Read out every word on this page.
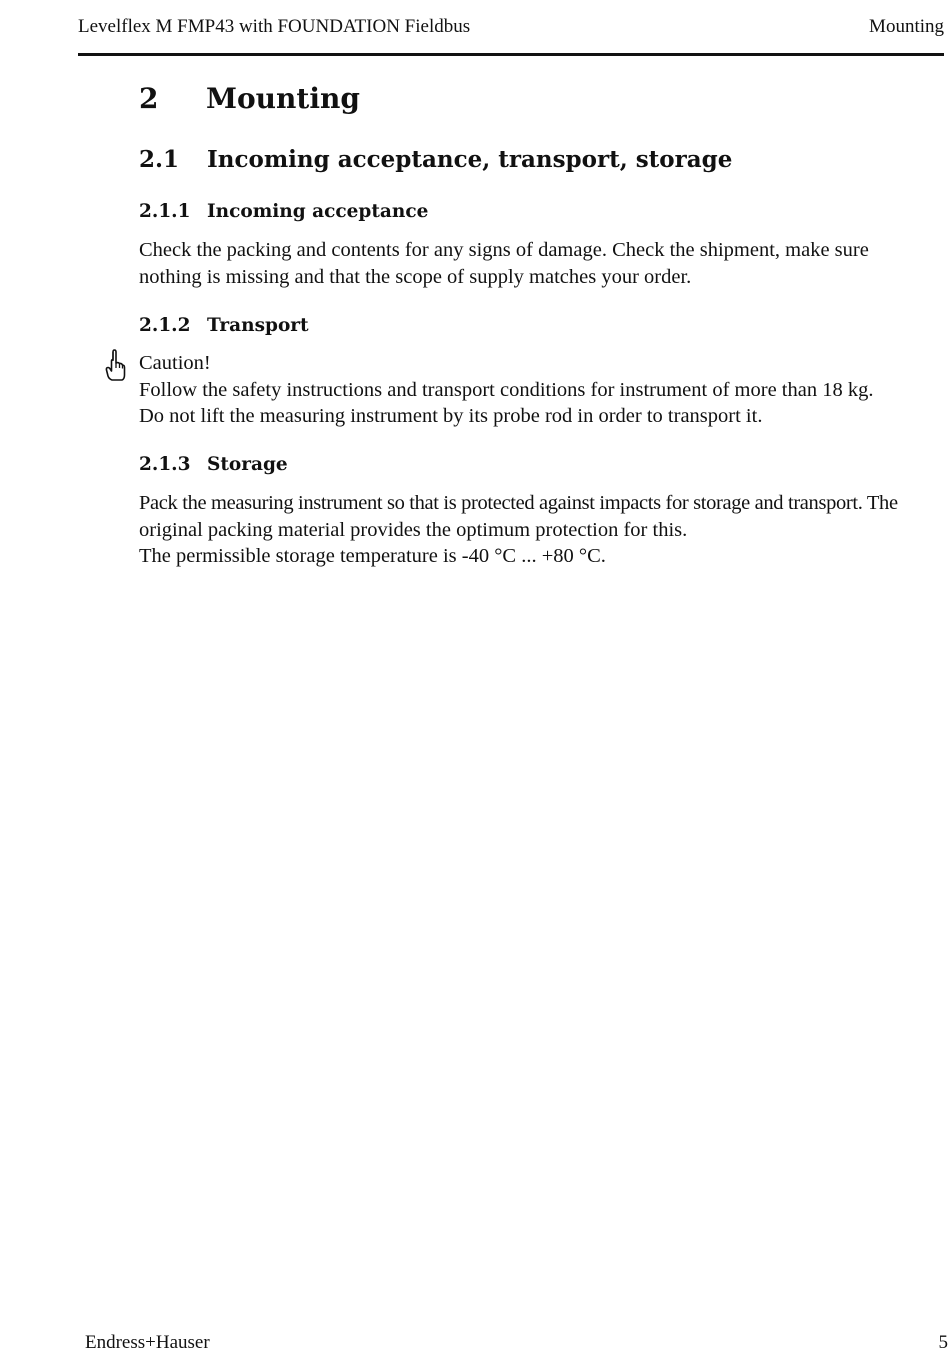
Levelflex M FMP43 with FOUNDATION Fieldbus	Mounting
2 Mounting
2.1 Incoming acceptance, transport, storage
2.1.1 Incoming acceptance
Check the packing and contents for any signs of damage. Check the shipment, make sure
nothing is missing and that the scope of supply matches your order.
2.1.2 Transport
Caution!
Follow the safety instructions and transport conditions for instrument of more than 18 kg.
Do not lift the measuring instrument by its probe rod in order to transport it.
2.1.3 Storage
Pack the measuring instrument so that is protected against impacts for storage and transport. The
original packing material provides the optimum protection for this.
The permissible storage temperature is -40 °C ... +80 °C.
Endress+Hauser	5
